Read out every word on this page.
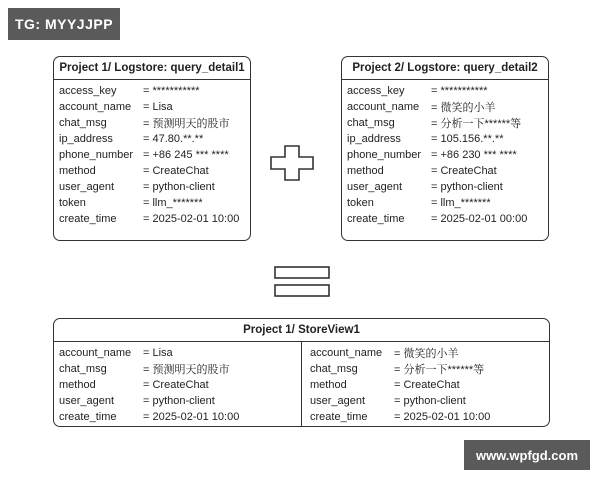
TG: MYYJJPP
Project 1/ Logstore: query_detail1
access_key	= ***********
account_name	= Lisa
chat_msg	= 预测明天的股市
ip_address	= 47.80.**.**
phone_number = +86 245 *** ****
method	= CreateChat
user_agent	= python-client
token	= llm_*******
create_time	= 2025-02-01 10:00
Project 2/ Logstore: query_detail2
access_key	= ***********
account_name	= 微笑的小羊
chat_msg	= 分析一下******等
ip_address	= 105.156.**.**
phone_number = +86 230 *** ****
method	= CreateChat
user_agent	= python-client
token	= llm_*******
create_time	= 2025-02-01 00:00
Project 1/ StoreView1
account_name	= Lisa
chat_msg	= 预测明天的股市
method	= CreateChat
user_agent	= python-client
create_time	= 2025-02-01 10:00
account_name	= 微笑的小羊
chat_msg	= 分析一下******等
method	= CreateChat
user_agent	= python-client
create_time	= 2025-02-01 10:00
www.wpfgd.com
